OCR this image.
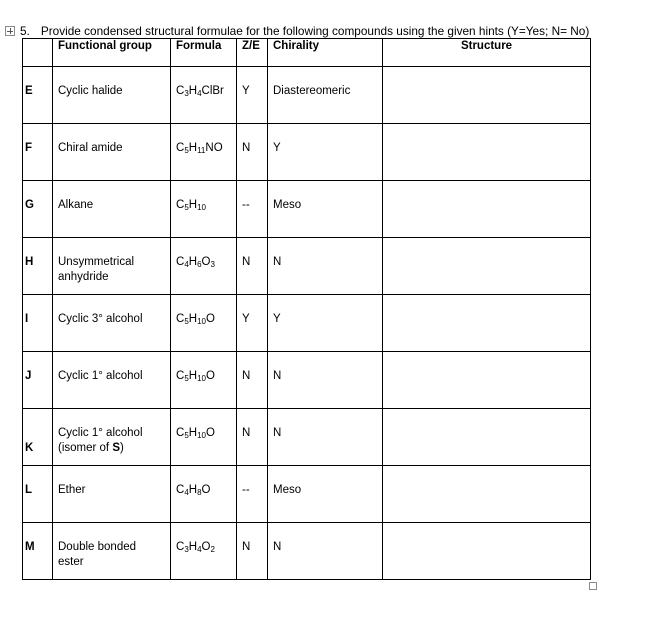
5. Provide condensed structural formulae for the following compounds using the given hints (Y=Yes; N= No)

	Functional group	Formula	Z/E	Chirality	Structure

E	Cyclic halide	$C_3H_4ClBr$	Y	Diastereomeric	

F	Chiral amide	$C_5H_{11}NO$	N	Y	

G	Alkane	$C_5H_{10}$	--	Meso	

H	Unsymmetrical anhydride	$C_4H_6O_3$	N	N	

I	Cyclic 3° alcohol	$C_5H_{10}O$	Y	Y	

J	Cyclic 1° alcohol	$C_5H_{10}O$	N	N	

K	Cyclic 1° alcohol
(isomer of S)	$C_5H_{10}O$	N	N	

L	Ether	$C_4H_8O$	--	Meso	

M	Double bonded ester	$C_3H_4O_2$	N	N	
